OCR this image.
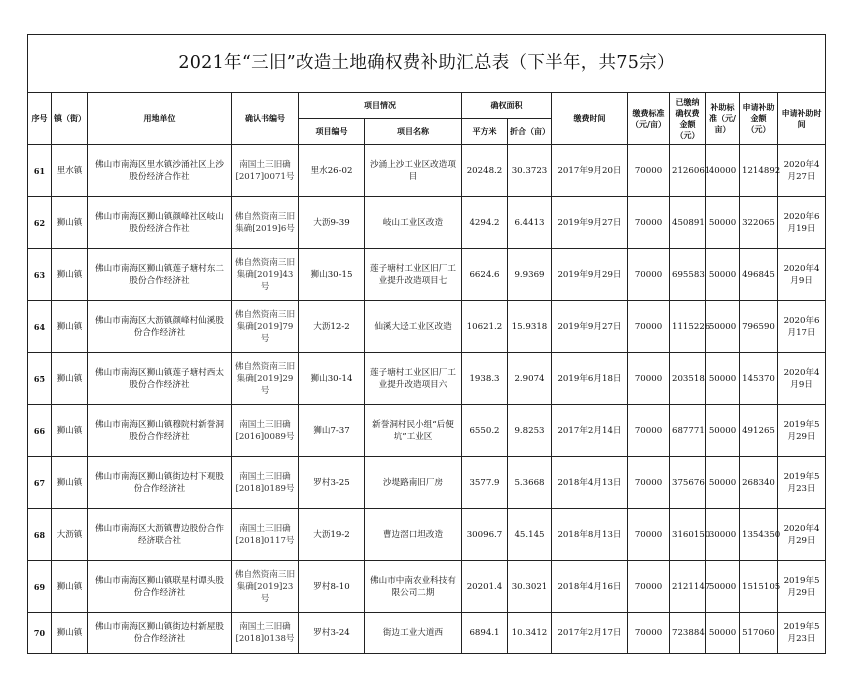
2021年“三旧”改造土地确权费补助汇总表（下半年，共75宗）													
序号	镇（街）	用地单位	确认书编号	项目情况		确权面积		缴费时间	缴费标准（元/亩）	已缴纳确权费金额（元）	补助标准（元/亩）	申请补助金额（元）	申请补助时间
				项目编号	项目名称	平方米	折合（亩）						
61	里水镇	佛山市南海区里水镇沙涌社区上沙股份经济合作社	南国土三旧确[2017]0071号	里水26-02	沙涌上沙工业区改造项目	20248.2	30.3723	2017年9月20日	70000	2126061	40000	1214892	2020年4月27日
62	狮山镇	佛山市南海区狮山镇颜峰社区岐山股份经济合作社	佛自然资南三旧集确[2019]6号	大沥9-39	岐山工业区改造	4294.2	6.4413	2019年9月27日	70000	450891	50000	322065	2020年6月19日
63	狮山镇	佛山市南海区狮山镇莲子塘村东二股份合作经济社	佛自然资南三旧集确[2019]43号	狮山30-15	莲子塘村工业区旧厂工业提升改造项目七	6624.6	9.9369	2019年9月29日	70000	695583	50000	496845	2020年4月9日
64	狮山镇	佛山市南海区大沥镇颜峰村仙溪股份合作经济社	佛自然资南三旧集确[2019]79号	大沥12-2	仙溪大迳工业区改造	10621.2	15.9318	2019年9月27日	70000	1115226	50000	796590	2020年6月17日
65	狮山镇	佛山市南海区狮山镇莲子塘村西太股份合作经济社	佛自然资南三旧集确[2019]29号	狮山30-14	莲子塘村工业区旧厂工业提升改造项目六	1938.3	2.9074	2019年6月18日	70000	203518	50000	145370	2020年4月9日
66	狮山镇	佛山市南海区狮山镇穆院村新誉洞股份合作经济社	南国土三旧确[2016]0089号	狮山7-37	新誉洞村民小组“后便坑”工业区	6550.2	9.8253	2017年2月14日	70000	687771	50000	491265	2019年5月29日
67	狮山镇	佛山市南海区狮山镇街边村下观股份合作经济社	南国土三旧确[2018]0189号	罗村3-25	沙堤路南旧厂房	3577.9	5.3668	2018年4月13日	70000	375676	50000	268340	2019年5月23日
68	大沥镇	佛山市南海区大沥镇曹边股份合作经济联合社	南国土三旧确[2018]0117号	大沥19-2	曹边滘口坦改造	30096.7	45.145	2018年8月13日	70000	3160150	30000	1354350	2020年4月29日
69	狮山镇	佛山市南海区狮山镇联星村谭头股份合作经济社	佛自然资南三旧集确[2019]23号	罗村8-10	佛山市中南农业科技有限公司二期	20201.4	30.3021	2018年4月16日	70000	2121147	50000	1515105	2019年5月29日
70	狮山镇	佛山市南海区狮山镇街边村新屋股份合作经济社	南国土三旧确[2018]0138号	罗村3-24	街边工业大道西	6894.1	10.3412	2017年2月17日	70000	723884	50000	517060	2019年5月23日
